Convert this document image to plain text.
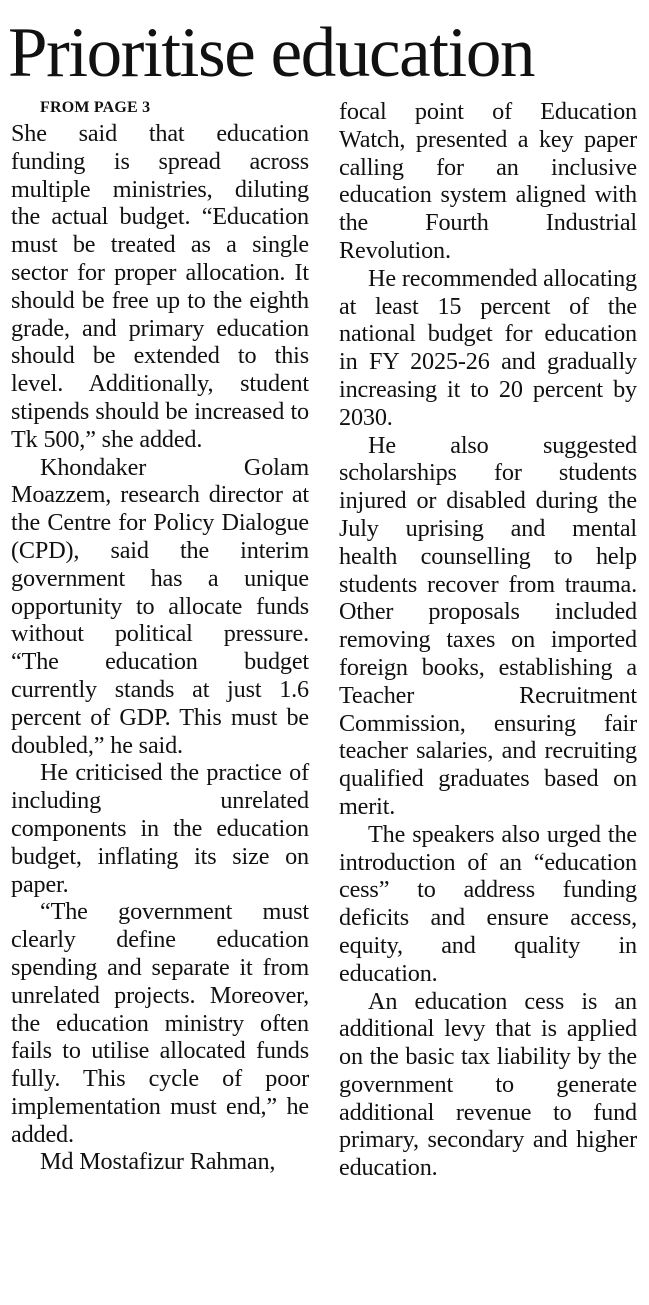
Prioritise education

FROM PAGE 3

She said that education funding is spread across multiple ministries, diluting the actual budget. “Education must be treated as a single sector for proper allocation. It should be free up to the eighth grade, and primary education should be extended to this level. Additionally, student stipends should be increased to Tk 500,” she added.

Khondaker Golam Moazzem, research director at the Centre for Policy Dialogue (CPD), said the interim government has a unique opportunity to allocate funds without political pressure. “The education budget currently stands at just 1.6 percent of GDP. This must be doubled,” he said.

He criticised the practice of including unrelated components in the education budget, inflating its size on paper.

“The government must clearly define education spending and separate it from unrelated projects. Moreover, the education ministry often fails to utilise allocated funds fully. This cycle of poor implementation must end,” he added.

Md Mostafizur Rahman,

focal point of Education Watch, presented a key paper calling for an inclusive education system aligned with the Fourth Industrial Revolution.

He recommended allocating at least 15 percent of the national budget for education in FY 2025-26 and gradually increasing it to 20 percent by 2030.

He also suggested scholarships for students injured or disabled during the July uprising and mental health counselling to help students recover from trauma. Other proposals included removing taxes on imported foreign books, establishing a Teacher Recruitment Commission, ensuring fair teacher salaries, and recruiting qualified graduates based on merit.

The speakers also urged the introduction of an “education cess” to address funding deficits and ensure access, equity, and quality in education.

An education cess is an additional levy that is applied on the basic tax liability by the government to generate additional revenue to fund primary, secondary and higher education.
